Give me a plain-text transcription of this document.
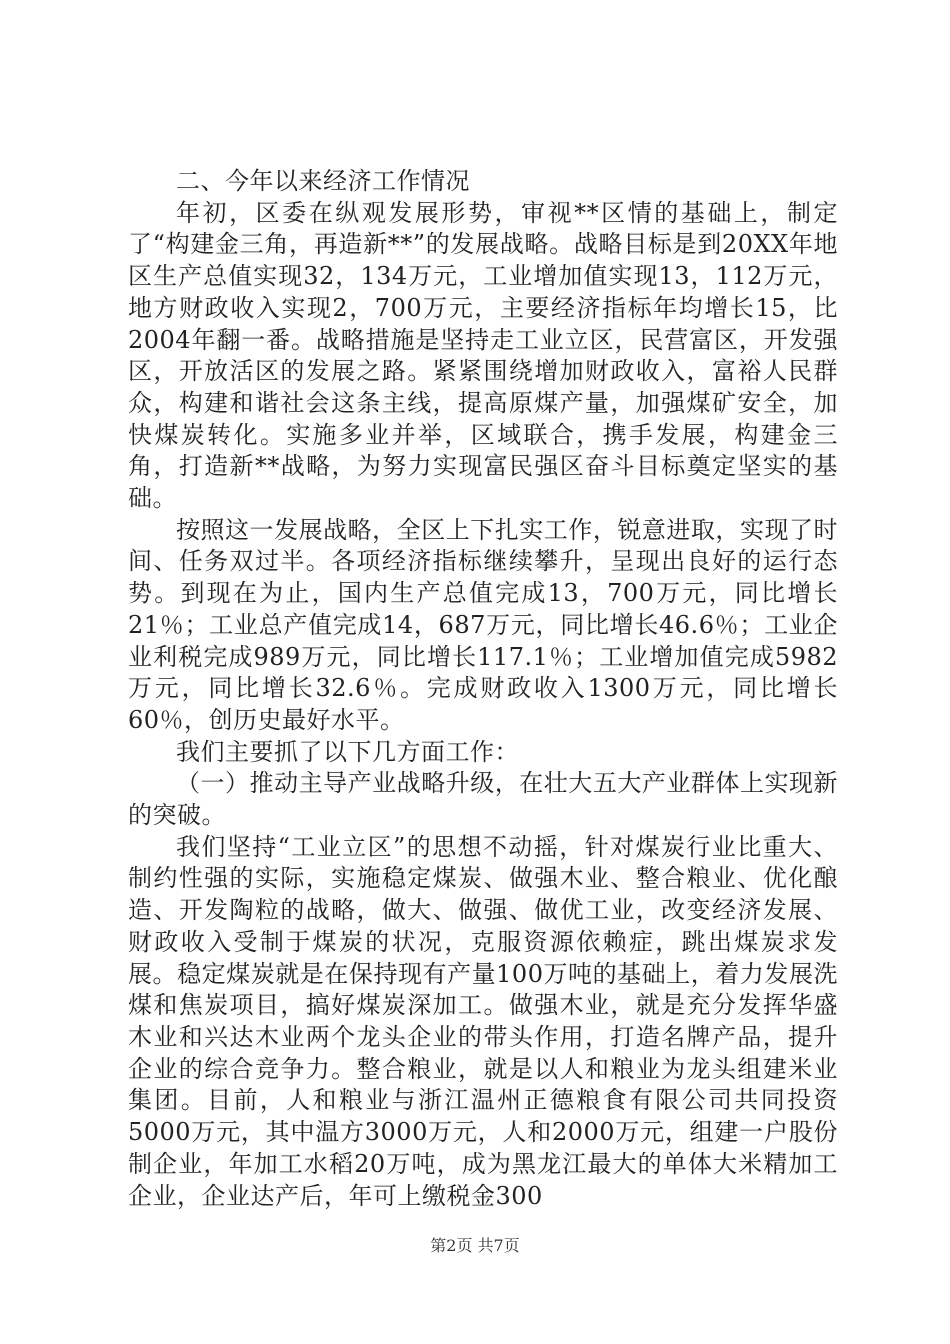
二、今年以来经济工作情况

年初，区委在纵观发展形势，审视**区情的基础上，制定了“构建金三角，再造新**”的发展战略。战略目标是到20XX年地区生产总值实现32，134万元，工业增加值实现13，112万元，地方财政收入实现2，700万元，主要经济指标年均增长15，比2004年翻一番。战略措施是坚持走工业立区，民营富区，开发强区，开放活区的发展之路。紧紧围绕增加财政收入，富裕人民群众，构建和谐社会这条主线，提高原煤产量，加强煤矿安全，加快煤炭转化。实施多业并举，区域联合，携手发展，构建金三角，打造新**战略，为努力实现富民强区奋斗目标奠定坚实的基础。

按照这一发展战略，全区上下扎实工作，锐意进取，实现了时间、任务双过半。各项经济指标继续攀升，呈现出良好的运行态势。到现在为止，国内生产总值完成13，700万元，同比增长21％；工业总产值完成14，687万元，同比增长46.6％；工业企业利税完成989万元，同比增长117.1％；工业增加值完成5982万元，同比增长32.6％。完成财政收入1300万元，同比增长60％，创历史最好水平。

我们主要抓了以下几方面工作：

（一）推动主导产业战略升级，在壮大五大产业群体上实现新的突破。

我们坚持“工业立区”的思想不动摇，针对煤炭行业比重大、制约性强的实际，实施稳定煤炭、做强木业、整合粮业、优化酿造、开发陶粒的战略，做大、做强、做优工业，改变经济发展、财政收入受制于煤炭的状况，克服资源依赖症，跳出煤炭求发展。稳定煤炭就是在保持现有产量100万吨的基础上，着力发展洗煤和焦炭项目，搞好煤炭深加工。做强木业，就是充分发挥华盛木业和兴达木业两个龙头企业的带头作用，打造名牌产品，提升企业的综合竞争力。整合粮业，就是以人和粮业为龙头组建米业集团。目前，人和粮业与浙江温州正德粮食有限公司共同投资5000万元，其中温方3000万元，人和2000万元，组建一户股份制企业，年加工水稻20万吨，成为黑龙江最大的单体大米精加工企业，企业达产后，年可上缴税金300

第2页 共7页
